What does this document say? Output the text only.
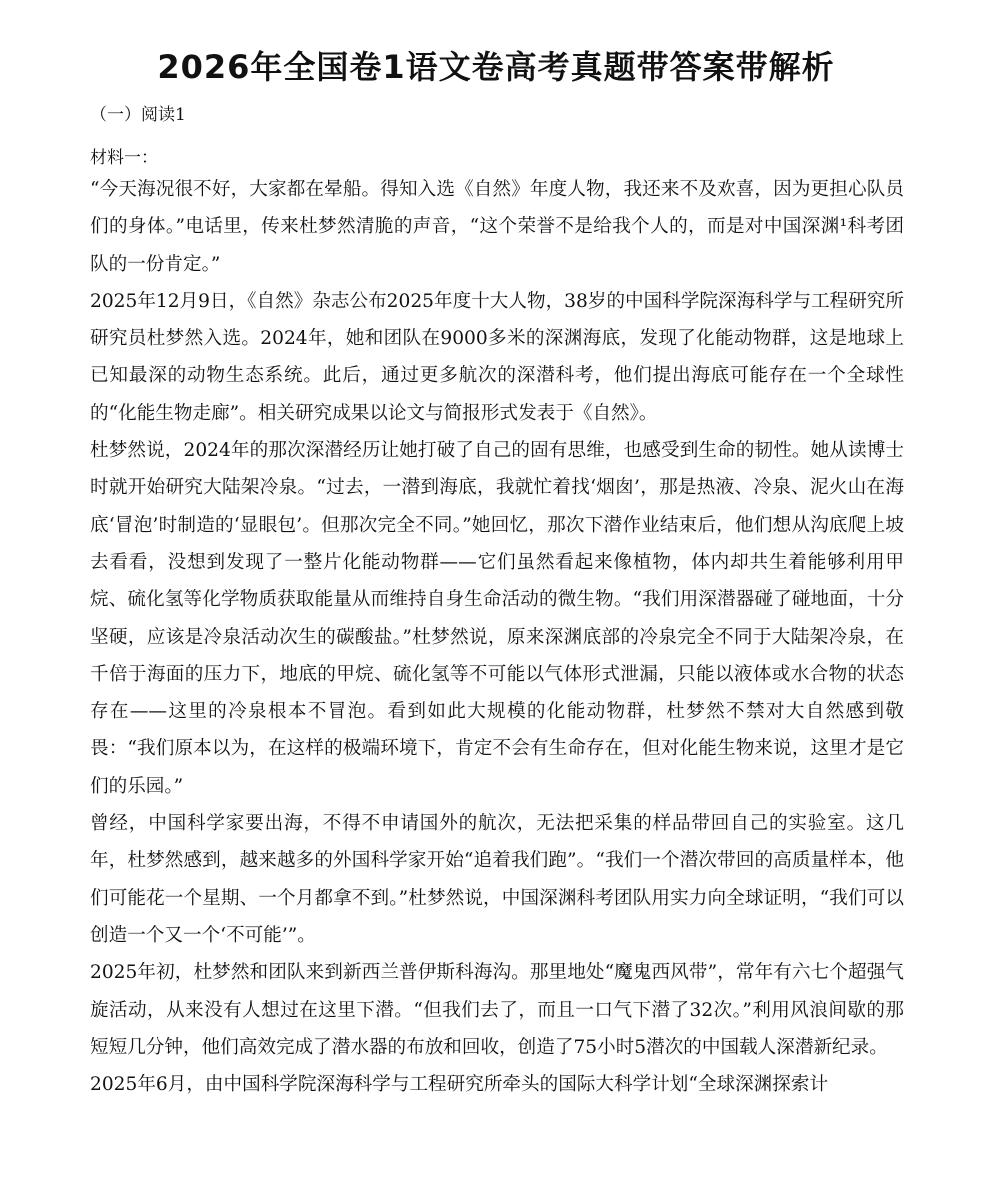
2026年全国卷1语文卷高考真题带答案带解析
（一）阅读1
材料一：

“今天海况很不好，大家都在晕船。得知入选《自然》年度人物，我还来不及欢喜，因为更担心队员们的身体。”电话里，传来杜梦然清脆的声音，“这个荣誉不是给我个人的，而是对中国深渊¹科考团队的一份肯定。”

2025年12月9日，《自然》杂志公布2025年度十大人物，38岁的中国科学院深海科学与工程研究所研究员杜梦然入选。2024年，她和团队在9000多米的深渊海底，发现了化能动物群，这是地球上已知最深的动物生态系统。此后，通过更多航次的深潜科考，他们提出海底可能存在一个全球性的“化能生物走廊”。相关研究成果以论文与简报形式发表于《自然》。

杜梦然说，2024年的那次深潜经历让她打破了自己的固有思维，也感受到生命的韧性。她从读博士时就开始研究大陆架冷泉。“过去，一潜到海底，我就忙着找‘烟囱’，那是热液、冷泉、泥火山在海底‘冒泡’时制造的‘显眼包’。但那次完全不同。”她回忆，那次下潜作业结束后，他们想从沟底爬上坡去看看，没想到发现了一整片化能动物群——它们虽然看起来像植物，体内却共生着能够利用甲烷、硫化氢等化学物质获取能量从而维持自身生命活动的微生物。“我们用深潜器碰了碰地面，十分坚硬，应该是冷泉活动次生的碳酸盐。”杜梦然说，原来深渊底部的冷泉完全不同于大陆架冷泉，在千倍于海面的压力下，地底的甲烷、硫化氢等不可能以气体形式泄漏，只能以液体或水合物的状态存在——这里的冷泉根本不冒泡。看到如此大规模的化能动物群，杜梦然不禁对大自然感到敬畏：“我们原本以为，在这样的极端环境下，肯定不会有生命存在，但对化能生物来说，这里才是它们的乐园。”

曾经，中国科学家要出海，不得不申请国外的航次，无法把采集的样品带回自己的实验室。这几年，杜梦然感到，越来越多的外国科学家开始“追着我们跑”。“我们一个潜次带回的高质量样本，他们可能花一个星期、一个月都拿不到。”杜梦然说，中国深渊科考团队用实力向全球证明，“我们可以创造一个又一个‘不可能’”。

2025年初，杜梦然和团队来到新西兰普伊斯科海沟。那里地处“魔鬼西风带”，常年有六七个超强气旋活动，从来没有人想过在这里下潜。“但我们去了，而且一口气下潜了32次。”利用风浪间歇的那短短几分钟，他们高效完成了潜水器的布放和回收，创造了75小时5潜次的中国载人深潜新纪录。

2025年6月，由中国科学院深海科学与工程研究所牵头的国际大科学计划“全球深渊探索计
